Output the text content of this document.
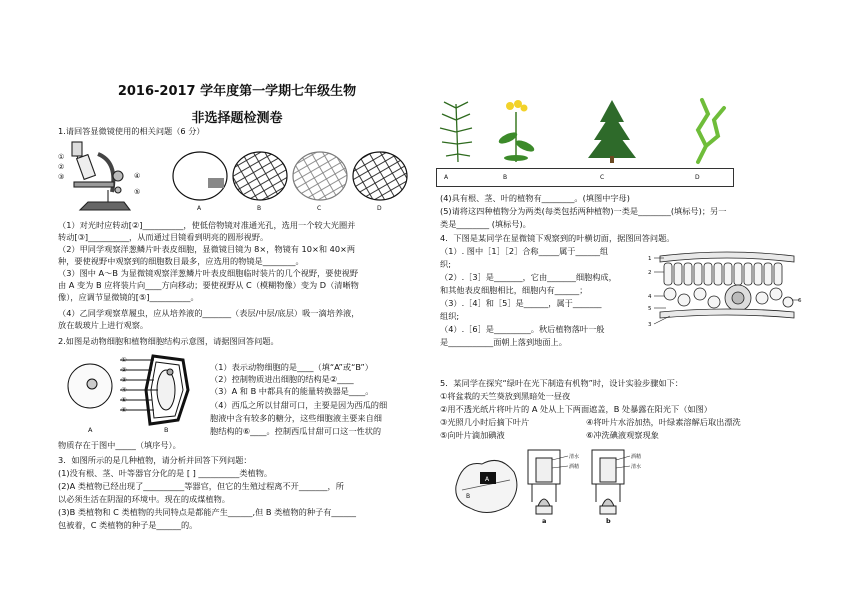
2016-2017 学年度第一学期七年级生物
非选择题检测卷
1.请回答显微镜使用的相关问题（6 分）
①
②
③	④
⑤
A	B	C	D
（1）对光时应转动[②]__________，使低倍物镜对准通光孔，选用一个较大光圈并
转动[③]__________，从而通过目镜看到明亮的圆形视野。
（2）甲同学观察洋葱鳞片叶表皮细胞，显微镜目镜为 8×，物镜有 10×和 40×两
种，要使视野中观察到的细胞数目最多，应选用的物镜是________。
（3）图中 A～B 为显微镜观察洋葱鳞片叶表皮细胞临时装片的几个视野，要使视野
由 A 变为 B 应将装片向____方向移动；要使视野从 C（模糊物像）变为 D（清晰物
像），应调节显微镜的[⑤]__________。
（4）乙同学观察草履虫，应从培养液的_______（表层/中层/底层）吸一滴培养液，
放在载玻片上进行观察。
2.如图是动物细胞和植物细胞结构示意图，请据图回答问题。
①
②
③
④
⑤
⑥
A	B
（1）表示动物细胞的是____（填“A”或“B”）
（2）控制物质进出细胞的结构是②____
（3）A 和 B 中都具有的能量转换器是____。
（4）西瓜之所以甘甜可口，主要是因为西瓜的细
胞液中含有较多的糖分，这些细胞液主要来自细
胞结构的⑥____。控制西瓜甘甜可口这一性状的
物质存在于图中_____（填序号）。
3．如图所示的是几种植物，请分析并回答下列问题：
(1)没有根、茎、叶等器官分化的是 [ ] __________类植物。
(2)A 类植物已经出现了__________等器官，但它的生殖过程离不开_______，所
以必须生活在阴湿的环境中。现在的成煤植物。
(3)B 类植物和 C 类植物的共同特点是都能产生______,但 B 类植物的种子有______
包被着，C 类植物的种子是______的。
A	B	C	D
(4)具有根、茎、叶的植物有________。(填图中字母)
(5)请将这四种植物分为两类(每类包括两种植物)一类是________(填标号)；另一
类是________ (填标号)。
4．下图是某同学在显微镜下观察到的叶横切面，据图回答问题。
（1）. 图中［1］［2］合称_____属于______组
织;
（2）.［3］是_______，它由_______细胞构成，
和其他表皮细胞相比，细胞内有______；
（3）.［4］和［5］是______，属于_______
组织;
（4）.［6］是_________。秋后植物落叶一般
是___________面朝上落到地面上。
1
2
3
4
5
6
5．某同学在探究“绿叶在光下制造有机物”时，设计实验步骤如下：
①将盆栽的天竺葵放到黑暗处一昼夜
②用不透光纸片将叶片的 A 处从上下两面遮盖，B 处暴露在阳光下（如图）
③光照几小时后摘下叶片	④将叶片水浴加热，叶绿素溶解后取出漂洗
⑤向叶片滴加碘液	⑥冲洗碘液观察现象
A
B
清水
酒精
a
酒精
清水
b
